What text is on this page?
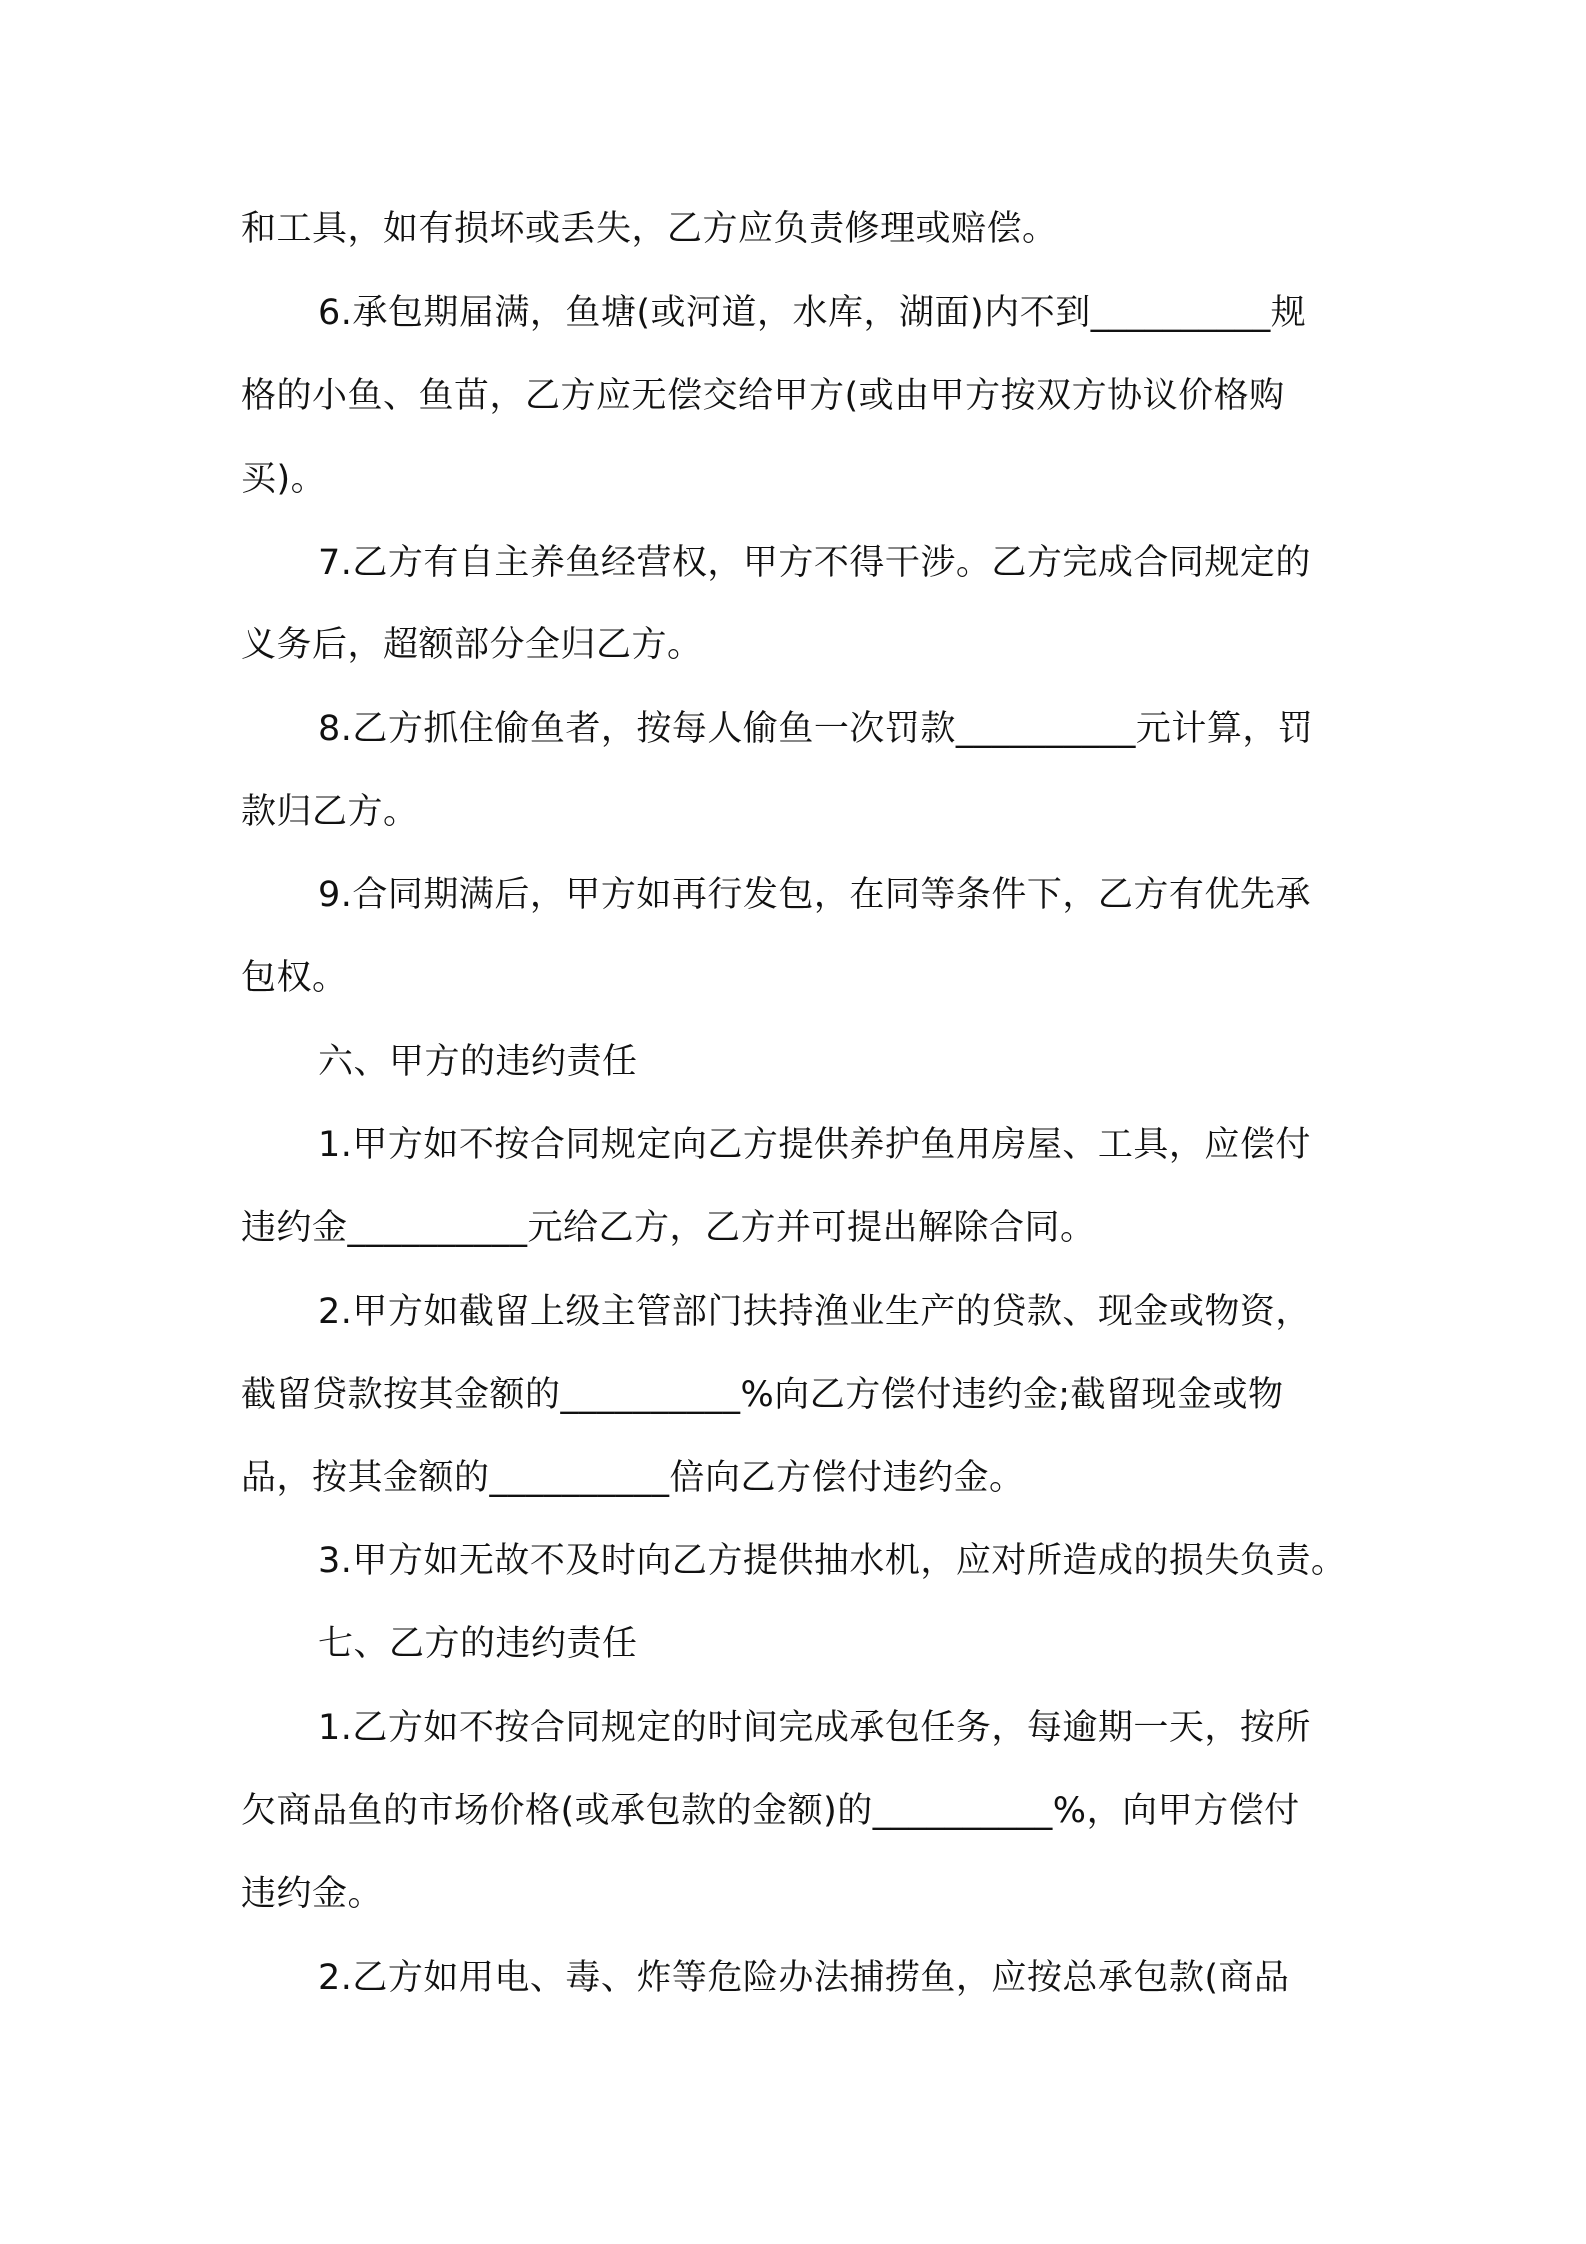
和工具，如有损坏或丢失，乙方应负责修理或赔偿。
6.承包期届满，鱼塘(或河道，水库，湖面)内不到__________规
格的小鱼、鱼苗，乙方应无偿交给甲方(或由甲方按双方协议价格购
买)。
7.乙方有自主养鱼经营权，甲方不得干涉。乙方完成合同规定的
义务后，超额部分全归乙方。
8.乙方抓住偷鱼者，按每人偷鱼一次罚款__________元计算，罚
款归乙方。
9.合同期满后，甲方如再行发包，在同等条件下，乙方有优先承
包权。
六、甲方的违约责任
1.甲方如不按合同规定向乙方提供养护鱼用房屋、工具，应偿付
违约金__________元给乙方，乙方并可提出解除合同。
2.甲方如截留上级主管部门扶持渔业生产的贷款、现金或物资，
截留贷款按其金额的__________%向乙方偿付违约金;截留现金或物
品，按其金额的__________倍向乙方偿付违约金。
3.甲方如无故不及时向乙方提供抽水机，应对所造成的损失负责。
七、乙方的违约责任
1.乙方如不按合同规定的时间完成承包任务，每逾期一天，按所
欠商品鱼的市场价格(或承包款的金额)的__________%，向甲方偿付
违约金。
2.乙方如用电、毒、炸等危险办法捕捞鱼，应按总承包款(商品
